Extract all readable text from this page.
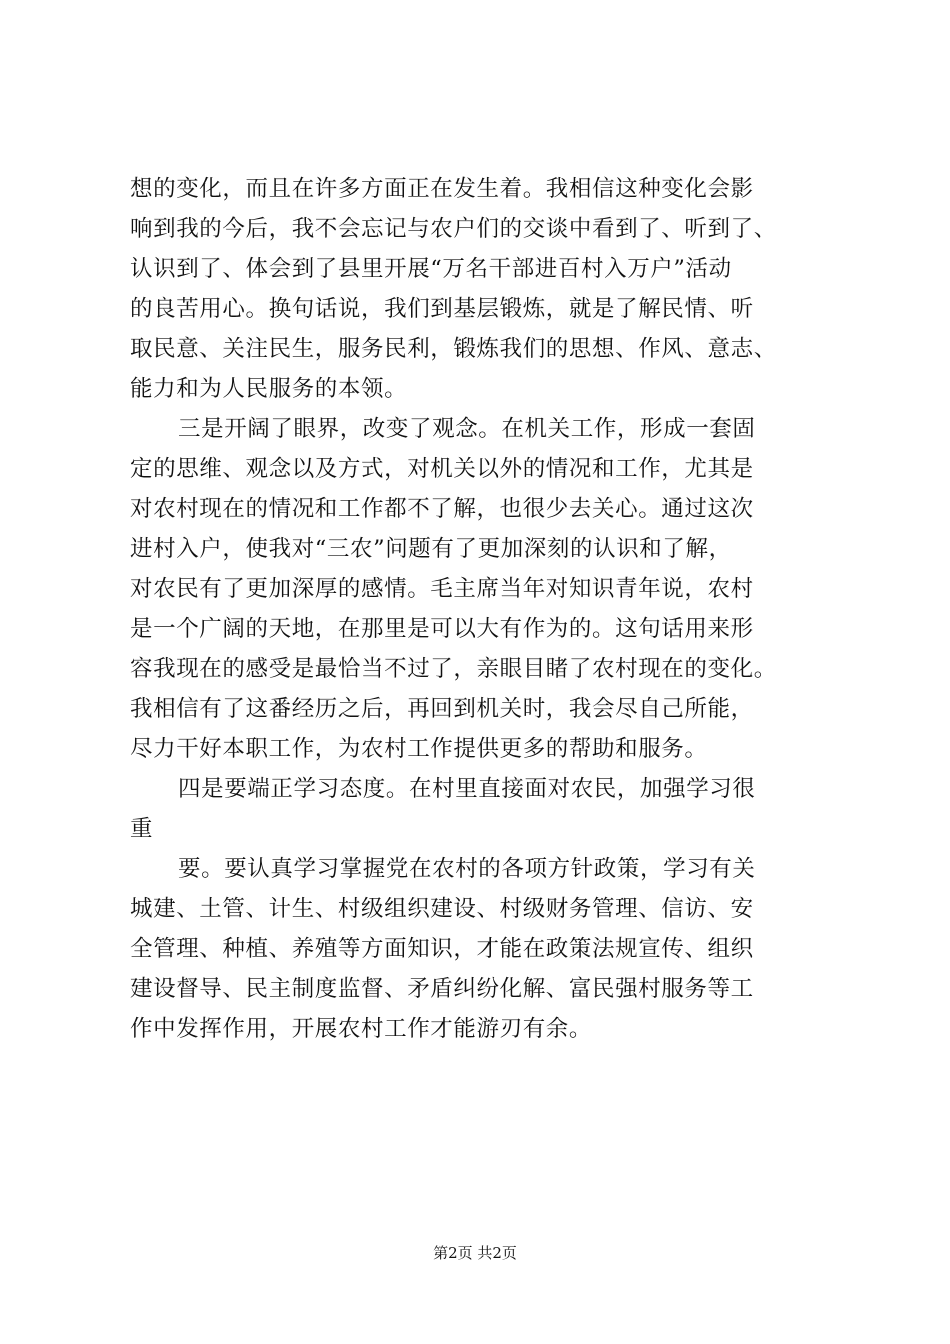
想的变化，而且在许多方面正在发生着。我相信这种变化会影
响到我的今后，我不会忘记与农户们的交谈中看到了、听到了、
认识到了、体会到了县里开展“万名干部进百村入万户”活动
的良苦用心。换句话说，我们到基层锻炼，就是了解民情、听
取民意、关注民生，服务民利，锻炼我们的思想、作风、意志、
能力和为人民服务的本领。
三是开阔了眼界，改变了观念。在机关工作，形成一套固
定的思维、观念以及方式，对机关以外的情况和工作，尤其是
对农村现在的情况和工作都不了解，也很少去关心。通过这次
进村入户，使我对“三农”问题有了更加深刻的认识和了解，
对农民有了更加深厚的感情。毛主席当年对知识青年说，农村
是一个广阔的天地，在那里是可以大有作为的。这句话用来形
容我现在的感受是最恰当不过了，亲眼目睹了农村现在的变化。
我相信有了这番经历之后，再回到机关时，我会尽自己所能，
尽力干好本职工作，为农村工作提供更多的帮助和服务。
四是要端正学习态度。在村里直接面对农民，加强学习很
重
要。要认真学习掌握党在农村的各项方针政策，学习有关
城建、土管、计生、村级组织建设、村级财务管理、信访、安
全管理、种植、养殖等方面知识，才能在政策法规宣传、组织
建设督导、民主制度监督、矛盾纠纷化解、富民强村服务等工
作中发挥作用，开展农村工作才能游刃有余。
第2页 共2页
